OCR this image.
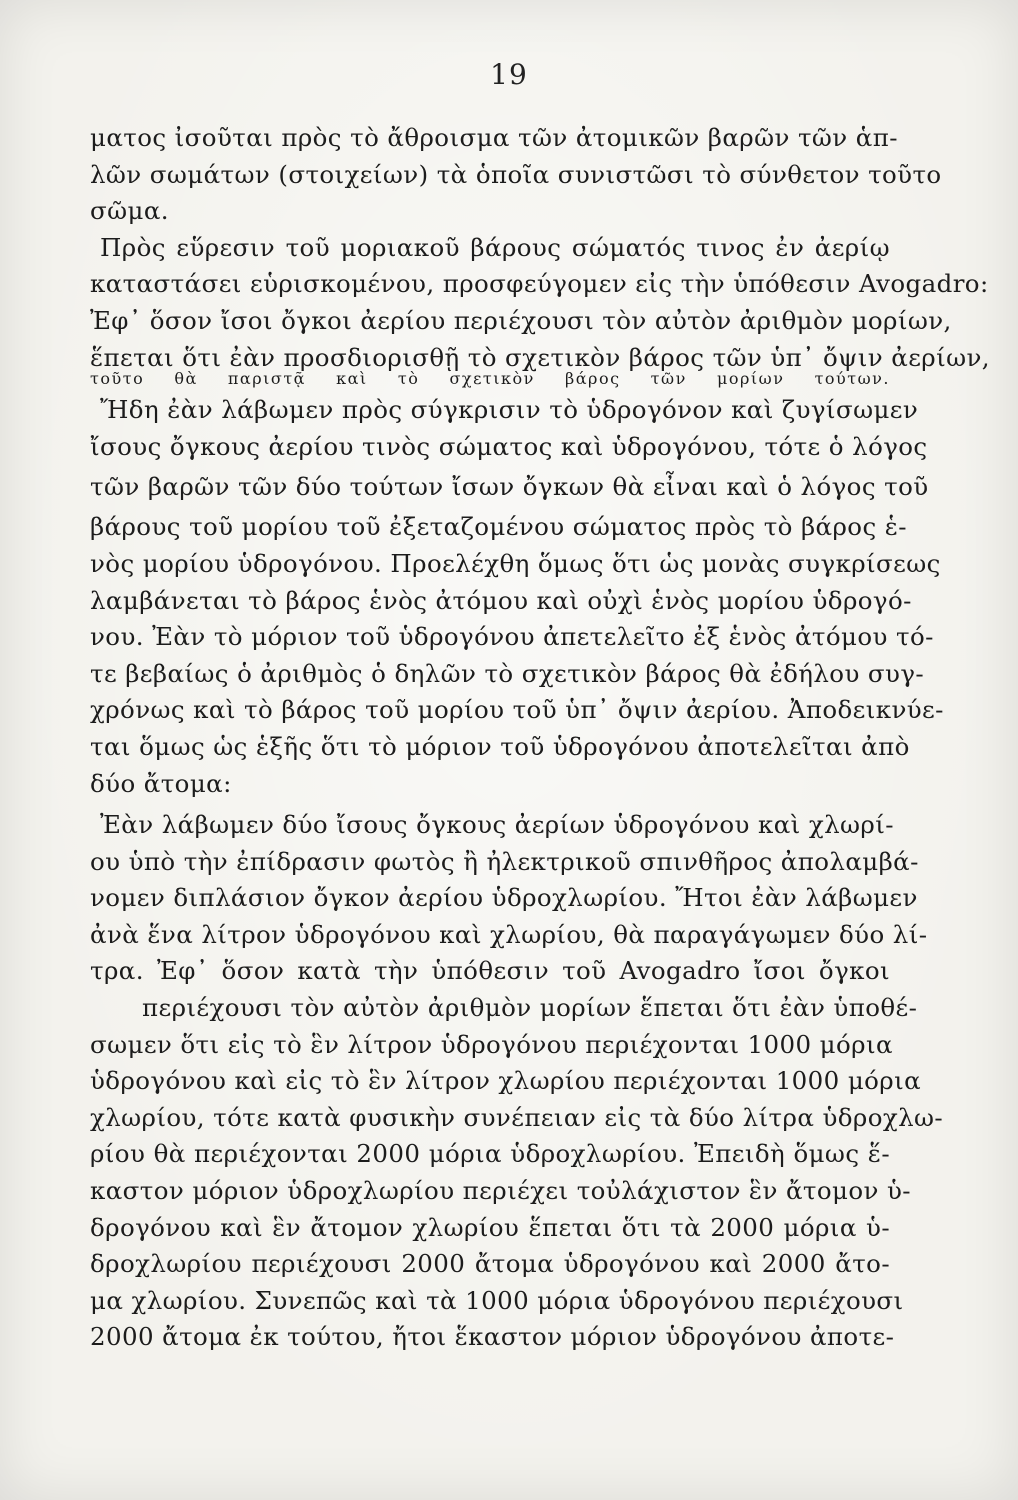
19
ματος ἰσοῦται πρὸς τὸ ἄθροισμα τῶν ἀτομικῶν βαρῶν τῶν ἁπ-
λῶν σωμάτων (στοιχείων) τὰ ὁποῖα συνιστῶσι τὸ σύνθετον τοῦτο
σῶμα.
Πρὸς εὕρεσιν τοῦ μοριακοῦ βάρους σώματός τινος ἐν ἀερίῳ
καταστάσει εὑρισκομένου, προσφεύγομεν εἰς τὴν ὑπόθεσιν Avogadro:
Ἐφ᾽ ὅσον ἴσοι ὄγκοι ἀερίου περιέχουσι τὸν αὐτὸν ἀριθμὸν μορίων,
ἕπεται ὅτι ἐὰν προσδιορισθῇ τὸ σχετικὸν βάρος τῶν ὑπ᾽ ὄψιν ἀερίων,
τοῦτο θὰ παριστᾷ καὶ τὸ σχετικὸν βάρος τῶν μορίων τούτων.
Ἤδη ἐὰν λάβωμεν πρὸς σύγκρισιν τὸ ὑδρογόνον καὶ ζυγίσωμεν
ἴσους ὄγκους ἀερίου τινὸς σώματος καὶ ὑδρογόνου, τότε ὁ λόγος
τῶν βαρῶν τῶν δύο τούτων ἴσων ὄγκων θὰ εἶναι καὶ ὁ λόγος τοῦ
βάρους τοῦ μορίου τοῦ ἐξεταζομένου σώματος πρὸς τὸ βάρος ἑ-
νὸς μορίου ὑδρογόνου. Προελέχθη ὅμως ὅτι ὡς μονὰς συγκρίσεως
λαμβάνεται τὸ βάρος ἑνὸς ἀτόμου καὶ οὐχὶ ἑνὸς μορίου ὑδρογό-
νου. Ἐὰν τὸ μόριον τοῦ ὑδρογόνου ἀπετελεῖτο ἐξ ἑνὸς ἀτόμου τό-
τε βεβαίως ὁ ἀριθμὸς ὁ δηλῶν τὸ σχετικὸν βάρος θὰ ἐδήλου συγ-
χρόνως καὶ τὸ βάρος τοῦ μορίου τοῦ ὑπ᾽ ὄψιν ἀερίου. Ἀποδεικνύε-
ται ὅμως ὡς ἑξῆς ὅτι τὸ μόριον τοῦ ὑδρογόνου ἀποτελεῖται ἀπὸ
δύο ἄτομα:
Ἐὰν λάβωμεν δύο ἴσους ὄγκους ἀερίων ὑδρογόνου καὶ χλωρί-
ου ὑπὸ τὴν ἐπίδρασιν φωτὸς ἢ ἠλεκτρικοῦ σπινθῆρος ἀπολαμβά-
νομεν διπλάσιον ὄγκον ἀερίου ὑδροχλωρίου. Ἤτοι ἐὰν λάβωμεν
ἀνὰ ἕνα λίτρον ὑδρογόνου καὶ χλωρίου, θὰ παραγάγωμεν δύο λί-
τρα. Ἐφ᾽ ὅσον κατὰ τὴν ὑπόθεσιν τοῦ Avogadro ἴσοι ὄγκοι
περιέχουσι τὸν αὐτὸν ἀριθμὸν μορίων ἕπεται ὅτι ἐὰν ὑποθέ-
σωμεν ὅτι εἰς τὸ ἓν λίτρον ὑδρογόνου περιέχονται 1000 μόρια
ὑδρογόνου καὶ εἰς τὸ ἓν λίτρον χλωρίου περιέχονται 1000 μόρια
χλωρίου, τότε κατὰ φυσικὴν συνέπειαν εἰς τὰ δύο λίτρα ὑδροχλω-
ρίου θὰ περιέχονται 2000 μόρια ὑδροχλωρίου. Ἐπειδὴ ὅμως ἕ-
καστον μόριον ὑδροχλωρίου περιέχει τοὐλάχιστον ἓν ἄτομον ὑ-
δρογόνου καὶ ἓν ἄτομον χλωρίου ἕπεται ὅτι τὰ 2000 μόρια ὑ-
δροχλωρίου περιέχουσι 2000 ἄτομα ὑδρογόνου καὶ 2000 ἄτο-
μα χλωρίου. Συνεπῶς καὶ τὰ 1000 μόρια ὑδρογόνου περιέχουσι
2000 ἄτομα ἐκ τούτου, ἤτοι ἕκαστον μόριον ὑδρογόνου ἀποτε-
